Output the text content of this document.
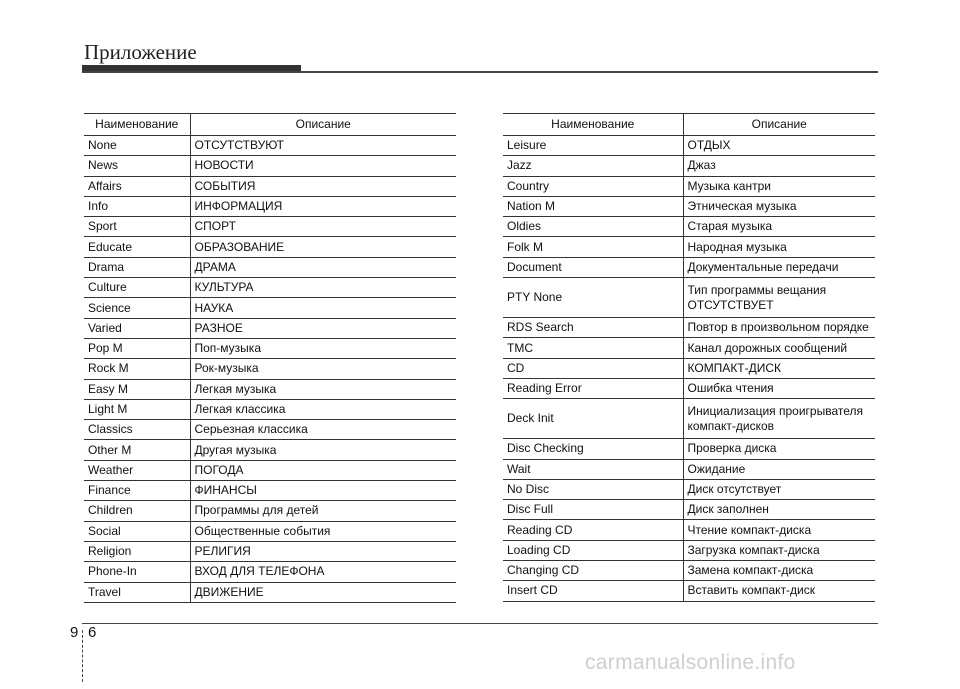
Приложение
Наименование	Описание
None	ОТСУТСТВУЮТ

News	НОВОСТИ

Affairs	СОБЫТИЯ

Info	ИНФОРМАЦИЯ

Sport	СПОРТ

Educate	ОБРАЗОВАНИЕ

Drama	ДРАМА

Culture	КУЛЬТУРА

Science	НАУКА

Varied	РАЗНОЕ

Pop M	Поп-музыка

Rock M	Рок-музыка

Easy M	Легкая музыка

Light M	Легкая классика

Classics	Серьезная классика

Other M	Другая музыка

Weather	ПОГОДА

Finance	ФИНАНСЫ

Children	Программы для детей

Social	Общественные события

Religion	РЕЛИГИЯ

Phone-In	ВХОД ДЛЯ ТЕЛЕФОНА

Travel	ДВИЖЕНИЕ
Наименование	Описание
Leisure	ОТДЫХ

Jazz	Джаз

Country	Музыка кантри

Nation M	Этническая музыка

Oldies	Старая музыка

Folk M	Народная музыка

Document	Документальные передачи

PTY None	Тип программы вещания
ОТСУТСТВУЕТ

RDS Search	Повтор в произвольном порядке

TMC	Канал дорожных сообщений

CD	КОМПАКТ-ДИСК

Reading Error	Ошибка чтения

Deck Init	Инициализация проигрывателя
компакт-дисков

Disc Checking	Проверка диска

Wait	Ожидание

No Disc	Диск отсутствует

Disc Full	Диск заполнен

Reading CD	Чтение компакт-диска

Loading CD	Загрузка компакт-диска

Changing CD	Замена компакт-диска

Insert CD	Вставить компакт-диск
9 6
carmanualsonline.info
